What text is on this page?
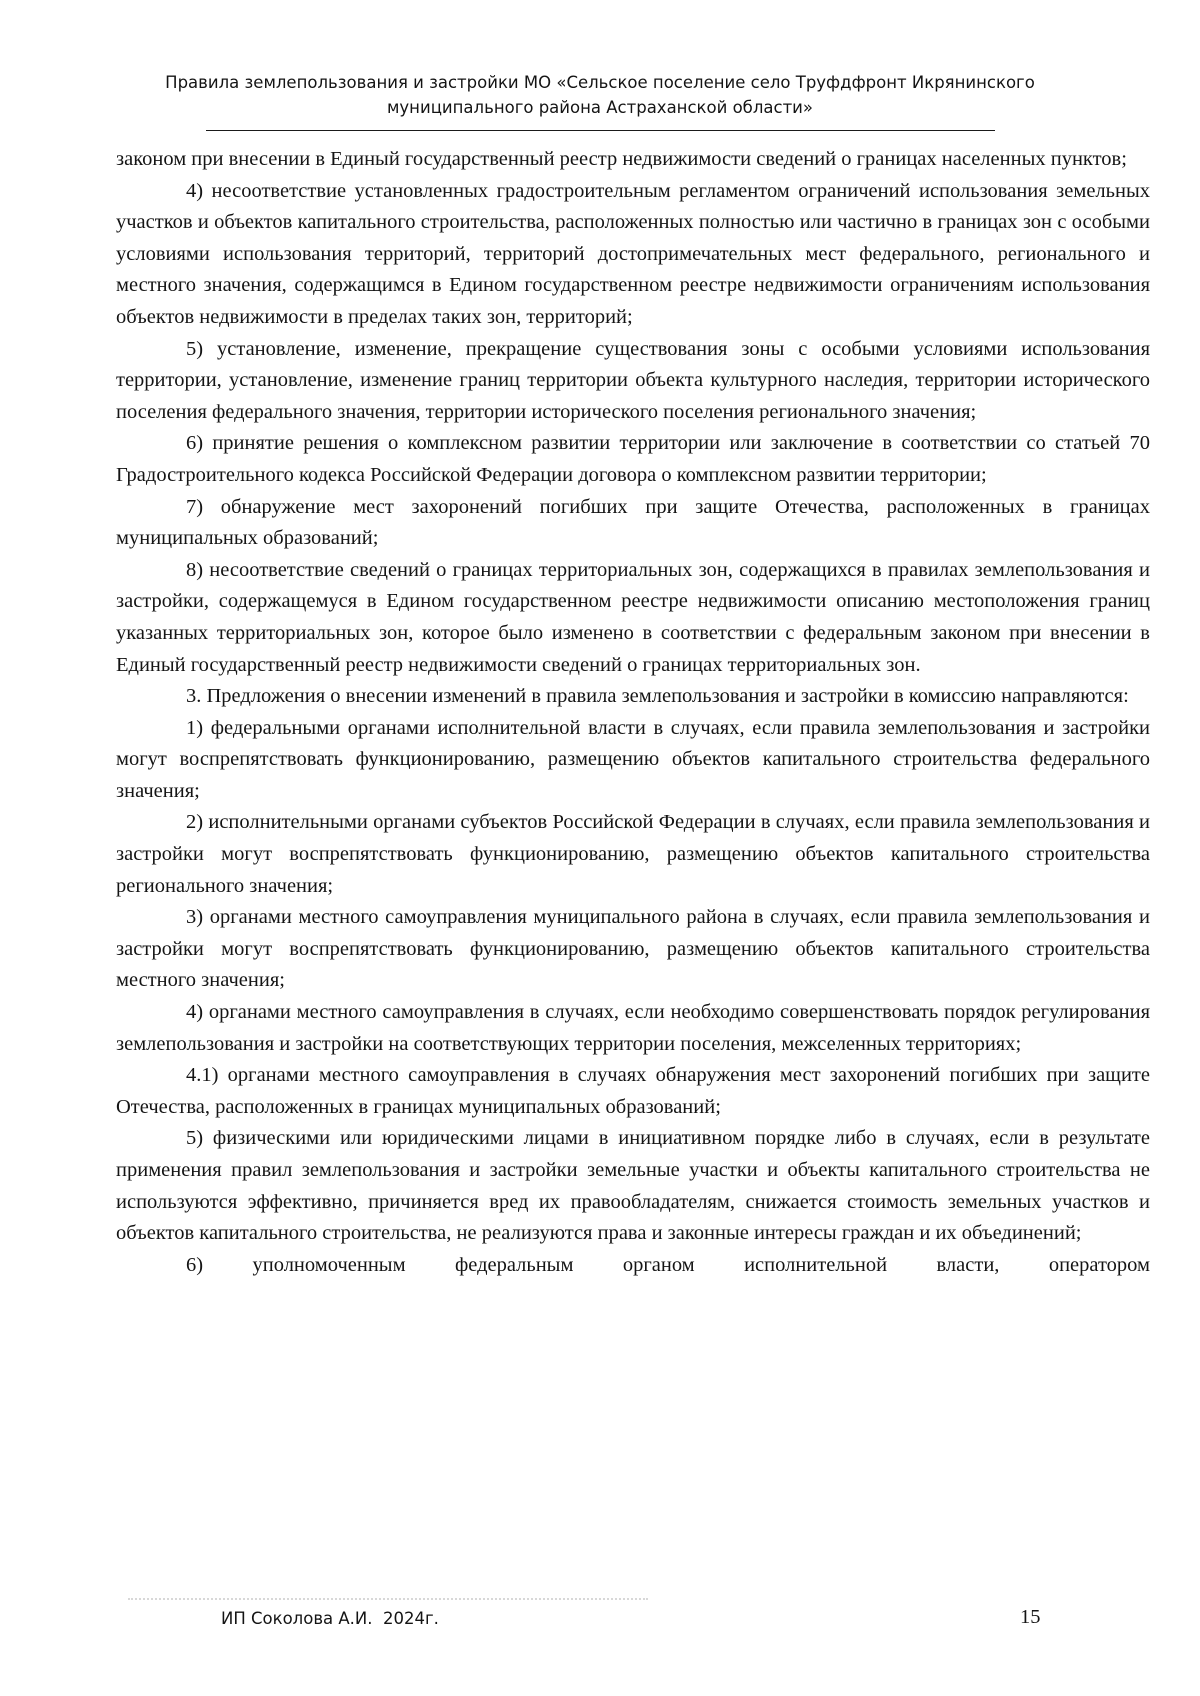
Правила землепользования и застройки МО «Сельское поселение село Труфдфронт Икрянинского
муниципального района Астраханской области»

законом при внесении в Единый государственный реестр недвижимости сведений о границах населенных пунктов;

4) несоответствие установленных градостроительным регламентом ограничений использования земельных участков и объектов капитального строительства, расположенных полностью или частично в границах зон с особыми условиями использования территорий, территорий достопримечательных мест федерального, регионального и местного значения, содержащимся в Едином государственном реестре недвижимости ограничениям использования объектов недвижимости в пределах таких зон, территорий;

5) установление, изменение, прекращение существования зоны с особыми условиями использования территории, установление, изменение границ территории объекта культурного наследия, территории исторического поселения федерального значения, территории исторического поселения регионального значения;

6) принятие решения о комплексном развитии территории или заключение в соответствии со статьей 70 Градостроительного кодекса Российской Федерации договора о комплексном развитии территории;

7) обнаружение мест захоронений погибших при защите Отечества, расположенных в границах муниципальных образований;

8) несоответствие сведений о границах территориальных зон, содержащихся в правилах землепользования и застройки, содержащемуся в Едином государственном реестре недвижимости описанию местоположения границ указанных территориальных зон, которое было изменено в соответствии с федеральным законом при внесении в Единый государственный реестр недвижимости сведений о границах территориальных зон.

3. Предложения о внесении изменений в правила землепользования и застройки в комиссию направляются:

1) федеральными органами исполнительной власти в случаях, если правила землепользования и застройки могут воспрепятствовать функционированию, размещению объектов капитального строительства федерального значения;

2) исполнительными органами субъектов Российской Федерации в случаях, если правила землепользования и застройки могут воспрепятствовать функционированию, размещению объектов капитального строительства регионального значения;

3) органами местного самоуправления муниципального района в случаях, если правила землепользования и застройки могут воспрепятствовать функционированию, размещению объектов капитального строительства местного значения;

4) органами местного самоуправления в случаях, если необходимо совершенствовать порядок регулирования землепользования и застройки на соответствующих территории поселения, межселенных территориях;

4.1) органами местного самоуправления в случаях обнаружения мест захоронений погибших при защите Отечества, расположенных в границах муниципальных образований;

5) физическими или юридическими лицами в инициативном порядке либо в случаях, если в результате применения правил землепользования и застройки земельные участки и объекты капитального строительства не используются эффективно, причиняется вред их правообладателям, снижается стоимость земельных участков и объектов капитального строительства, не реализуются права и законные интересы граждан и их объединений;

6) уполномоченным федеральным органом исполнительной власти, оператором

ИП Соколова А.И.  2024г.	15
